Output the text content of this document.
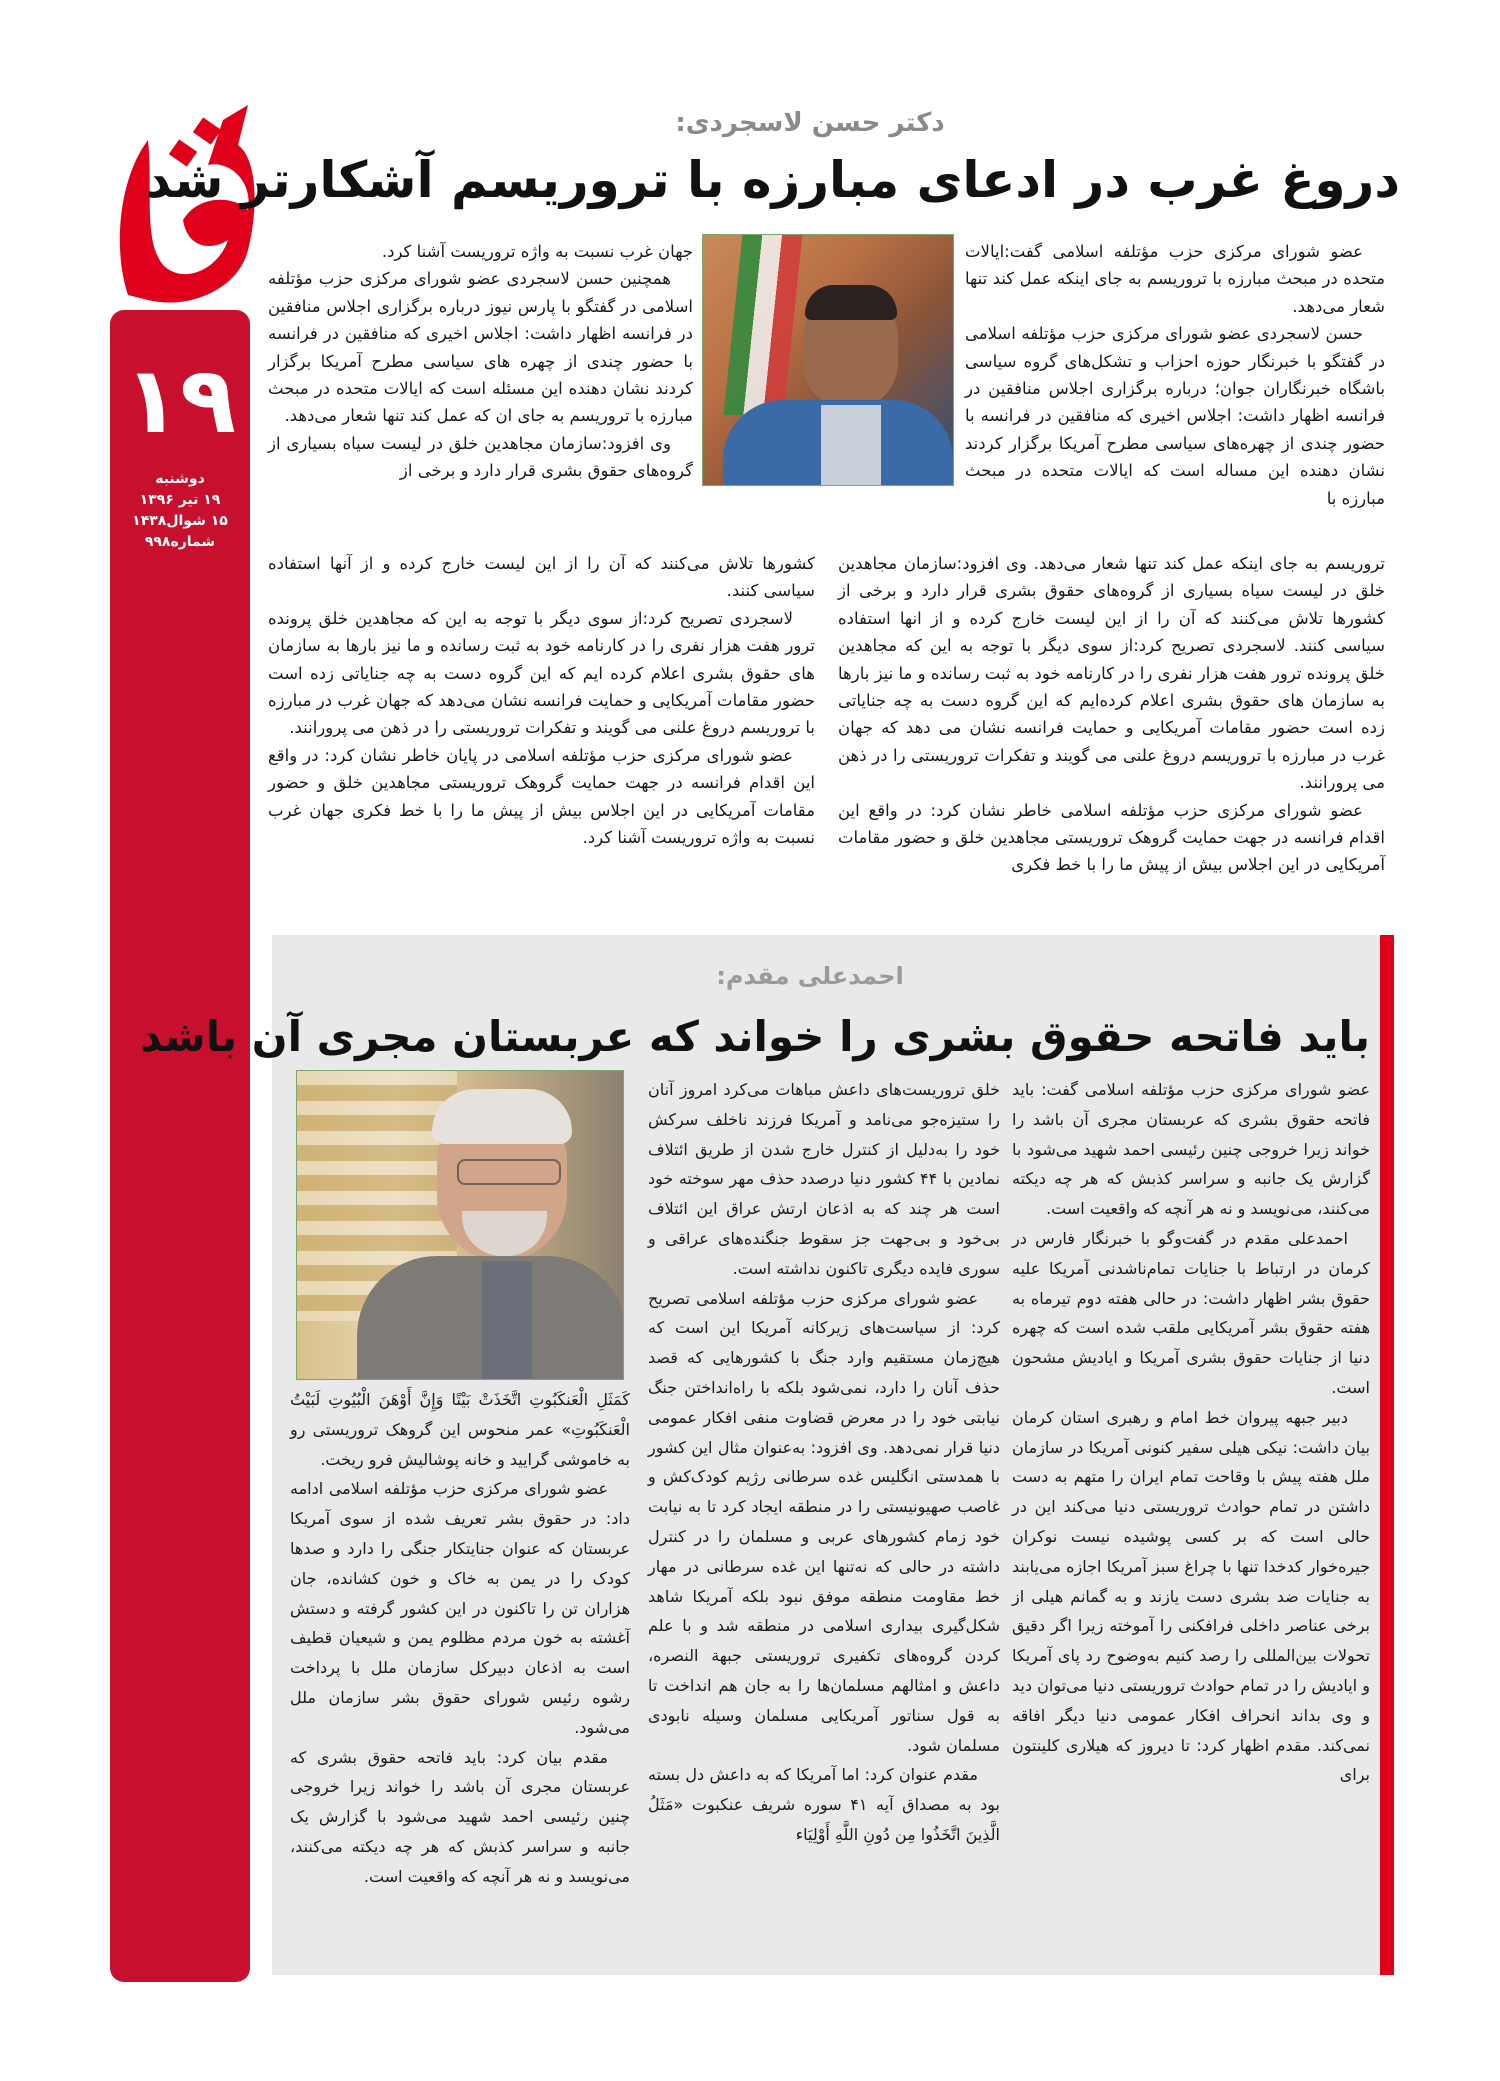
۱۹
دوشنبه
۱۹ تیر ۱۳۹۶
۱۵ شوال۱۴۳۸
شماره۹۹۸
دکتر حسن لاسجردی:
دروغ غرب در ادعای مبارزه با تروریسم آشکارتر شد

عضو شورای مرکزی حزب مؤتلفه اسلامی گفت:ایالات متحده در مبحث مبارزه با تروریسم به جای اینکه عمل کند تنها شعار می‌دهد.

حسن لاسجردی عضو شورای مرکزی حزب مؤتلفه اسلامی در گفتگو با خبرنگار حوزه احزاب و تشکل‌های گروه سیاسی باشگاه خبرنگاران جوان؛ درباره برگزاری اجلاس منافقین در فرانسه اظهار داشت: اجلاس اخیری که منافقین در فرانسه با حضور چندی از چهره‌های سیاسی مطرح آمریکا برگزار کردند نشان دهنده این مساله است که ایالات متحده در مبحث مبارزه با

جهان غرب نسبت به واژه تروریست آشنا کرد.

همچنین حسن لاسجردی عضو شورای مرکزی حزب مؤتلفه اسلامی در گفتگو با پارس نیوز درباره برگزاری اجلاس منافقین در فرانسه اظهار داشت: اجلاس اخیری که منافقین در فرانسه با حضور چندی از چهره های سیاسی مطرح آمریکا برگزار کردند نشان دهنده این مسئله است که ایالات متحده در مبحث مبارزه با تروریسم به جای ان که عمل کند تنها شعار می‌دهد.

وی افزود:سازمان مجاهدین خلق در لیست سیاه بسیاری از گروه‌های حقوق بشری قرار دارد و برخی از

تروریسم به جای اینکه عمل کند تنها شعار می‌دهد. وی افزود:سازمان مجاهدین خلق در لیست سیاه بسیاری از گروه‌های حقوق بشری قرار دارد و برخی از کشورها تلاش می‌کنند که آن را از این لیست خارج کرده و از انها استفاده سیاسی کنند. لاسجردی تصریح کرد:از سوی دیگر با توجه به این که مجاهدین خلق پرونده ترور هفت هزار نفری را در کارنامه خود به ثبت رسانده و ما نیز بارها به سازمان های حقوق بشری اعلام کرده‌ایم که این گروه دست به چه جنایاتی زده است حضور مقامات آمریکایی و حمایت فرانسه نشان می دهد که جهان غرب در مبارزه با تروریسم دروغ علنی می گویند و تفکرات تروریستی را در ذهن می پرورانند.

عضو شورای مرکزی حزب مؤتلفه اسلامی خاطر نشان کرد: در واقع این اقدام فرانسه در جهت حمایت گروهک تروریستی مجاهدین خلق و حضور مقامات آمریکایی در این اجلاس بیش از پیش ما را با خط فکری

کشورها تلاش می‌کنند که آن را از این لیست خارج کرده و از آنها استفاده سیاسی کنند.

لاسجردی تصریح کرد:از سوی دیگر با توجه به این که مجاهدین خلق پرونده ترور هفت هزار نفری را در کارنامه خود به ثبت رسانده و ما نیز بارها به سازمان های حقوق بشری اعلام کرده ایم که این گروه دست به چه جنایاتی زده است حضور مقامات آمریکایی و حمایت فرانسه نشان می‌دهد که جهان غرب در مبارزه با تروریسم دروغ علنی می گویند و تفکرات تروریستی را در ذهن می پرورانند.

عضو شورای مرکزی حزب مؤتلفه اسلامی در پایان خاطر نشان کرد: در واقع این اقدام فرانسه در جهت حمایت گروهک تروریستی مجاهدین خلق و حضور مقامات آمریکایی در این اجلاس بیش از پیش ما را با خط فکری جهان غرب نسبت به واژه تروریست آشنا کرد.

احمدعلی مقدم:
باید فاتحه حقوق بشری را خواند که عربستان مجری آن باشد

عضو شورای مرکزی حزب مؤتلفه اسلامی گفت: باید فاتحه حقوق بشری که عربستان مجری آن باشد را خواند زیرا خروجی چنین رئیسی احمد شهید می‌شود با گزارش یک جانبه و سراسر کذبش که هر چه دیکته می‌کنند، می‌نویسد و نه هر آنچه که واقعیت است.

احمدعلی مقدم در گفت‌وگو با خبرنگار فارس در کرمان در ارتباط با جنایات تمام‌ناشدنی آمریکا علیه حقوق بشر اظهار داشت: در حالی هفته دوم تیرماه به هفته حقوق بشر آمریکایی ملقب شده است که چهره دنیا از جنایات حقوق بشری آمریکا و ایادیش مشحون است.

دبیر جبهه پیروان خط امام و رهبری استان کرمان بیان داشت: نیکی هیلی سفیر کنونی آمریکا در سازمان ملل هفته پیش با وقاحت تمام ایران را متهم به دست داشتن در تمام حوادث تروریستی دنیا می‌کند این در حالی است که بر کسی پوشیده نیست نوکران جیره‌خوار کدخدا تنها با چراغ سبز آمریکا اجازه می‌یابند به جنایات ضد بشری دست یازند و به گمانم هیلی از برخی عناصر داخلی فرافکنی را آموخته زیرا اگر دقیق تحولات بین‌المللی را رصد کنیم به‌وضوح رد پای آمریکا و ایادیش را در تمام حوادث تروریستی دنیا می‌توان دید و وی بداند انحراف افکار عمومی دنیا دیگر افاقه نمی‌کند. مقدم اظهار کرد: تا دیروز که هیلاری کلینتون برای

خلق تروریست‌های داعش مباهات می‌کرد امروز آنان را ستیزه‌جو می‌نامد و آمریکا فرزند ناخلف سرکش خود را به‌دلیل از کنترل خارج شدن از طریق ائتلاف نمادین با ۴۴ کشور دنیا درصدد حذف مهر سوخته خود است هر چند که به اذعان ارتش عراق این ائتلاف بی‌خود و بی‌جهت جز سقوط جنگنده‌های عراقی و سوری فایده دیگری تاکنون نداشته است.

عضو شورای مرکزی حزب مؤتلفه اسلامی تصریح کرد: از سیاست‌های زیرکانه آمریکا این است که هیچ‌زمان مستقیم وارد جنگ با کشورهایی که قصد حذف آنان را دارد، نمی‌شود بلکه با راه‌انداختن جنگ نیابتی خود را در معرض قضاوت منفی افکار عمومی دنیا قرار نمی‌دهد. وی افزود: به‌عنوان مثال این کشور با همدستی انگلیس غده سرطانی رژیم کودک‌کش و غاصب صهیونیستی را در منطقه ایجاد کرد تا به نیابت خود زمام کشورهای عربی و مسلمان را در کنترل داشته در حالی که نه‌تنها این غده سرطانی در مهار خط مقاومت منطقه موفق نبود بلکه آمریکا شاهد شکل‌گیری بیداری اسلامی در منطقه شد و با علم کردن گروه‌های تکفیری تروریستی جبهة النصره، داعش و امثالهم مسلمان‌ها را به جان هم انداخت تا به قول سناتور آمریکایی مسلمان وسیله نابودی مسلمان شود.

مقدم عنوان کرد: اما آمریکا که به داعش دل بسته بود به مصداق آیه ۴۱ سوره شریف عنکبوت «مَثَلُ الَّذِینَ اتَّخَذُوا مِن دُونِ اللَّهِ أَوْلِیَاء

كَمَثَلِ الْعَنكَبُوتِ اتَّخَذَتْ بَيْتًا وَإِنَّ أَوْهَنَ الْبُيُوتِ لَبَيْتُ الْعَنكَبُوتِ» عمر منحوس این گروهک تروریستی رو به خاموشی گرایید و خانه پوشالیش فرو ریخت.

عضو شورای مرکزی حزب مؤتلفه اسلامی ادامه داد: در حقوق بشر تعریف شده از سوی آمریکا عربستان که عنوان جنایتکار جنگی را دارد و صدها کودک را در یمن به خاک و خون کشانده، جان هزاران تن را تاکنون در این کشور گرفته و دستش آغشته به خون مردم مظلوم یمن و شیعیان قطیف است به اذعان دبیرکل سازمان ملل با پرداخت رشوه رئیس شورای حقوق بشر سازمان ملل می‌شود.

مقدم بیان کرد: باید فاتحه حقوق بشری که عربستان مجری آن باشد را خواند زیرا خروجی چنین رئیسی احمد شهید می‌شود با گزارش یک جانبه و سراسر کذبش که هر چه دیکته می‌کنند، می‌نویسد و نه هر آنچه که واقعیت است.
